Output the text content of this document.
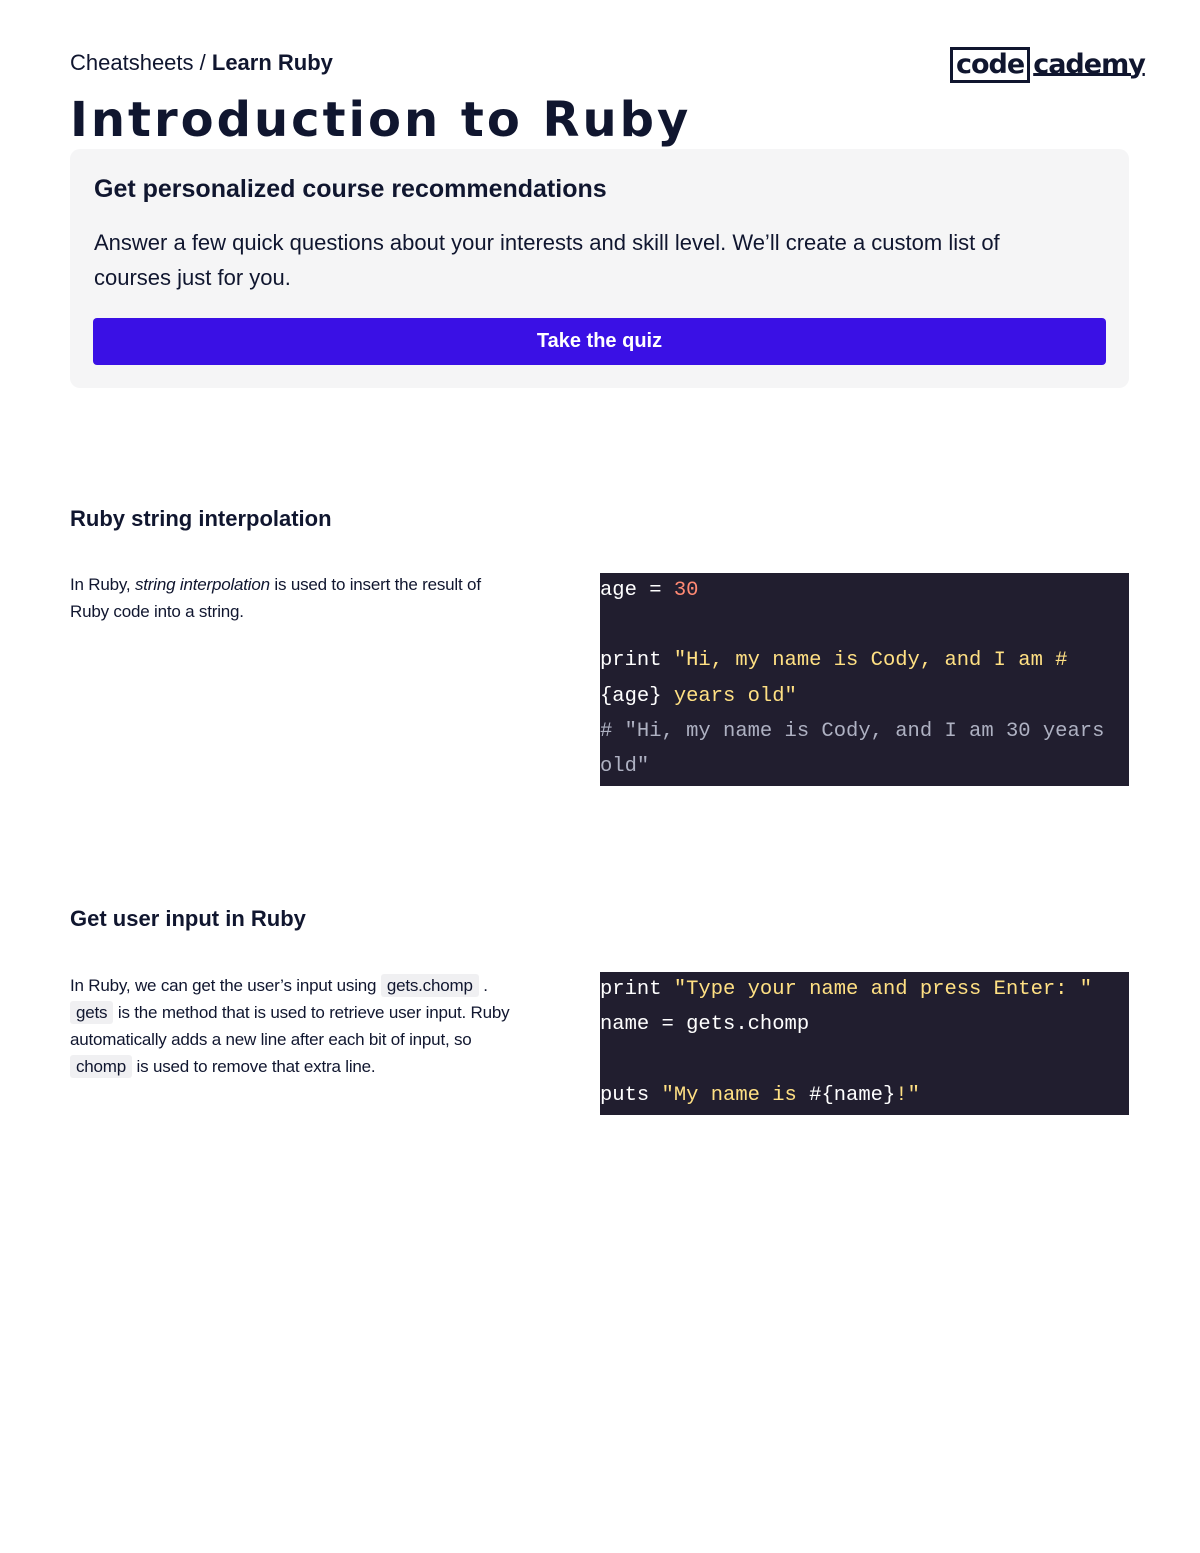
Cheatsheets / Learn Ruby	code cademy
Introduction to Ruby
Get personalized course recommendations

Answer a few quick questions about your interests and skill level. We’ll create a custom list of courses just for you.

Take the quiz
Ruby string interpolation

In Ruby, string interpolation is used to insert the result of Ruby code into a string.

age = 30
print "Hi, my name is Cody, and I am #
{age} years old"
# "Hi, my name is Cody, and I am 30 years old"
Get user input in Ruby

In Ruby, we can get the user’s input using gets.chomp . gets is the method that is used to retrieve user input. Ruby automatically adds a new line after each bit of input, so chomp is used to remove that extra line.

print "Type your name and press Enter: "
name = gets.chomp
puts "My name is #{name}!"
